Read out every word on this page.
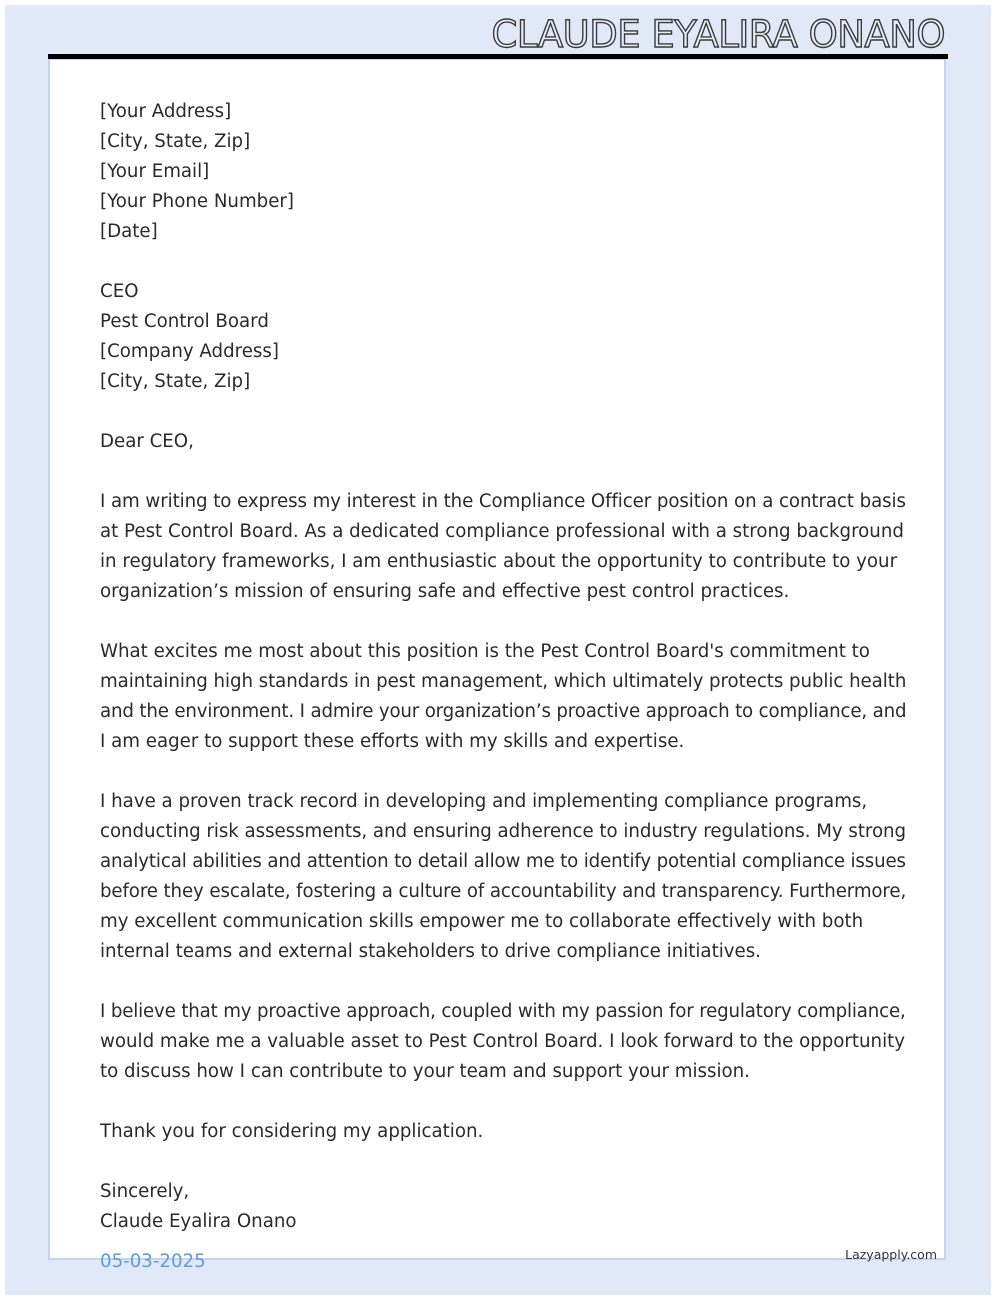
CLAUDE EYALIRA ONANO
[Your Address]
[City, State, Zip]
[Your Email]
[Your Phone Number]
[Date]
CEO
Pest Control Board
[Company Address]
[City, State, Zip]
Dear CEO,
I am writing to express my interest in the Compliance Officer position on a contract basis
at Pest Control Board. As a dedicated compliance professional with a strong background
in regulatory frameworks, I am enthusiastic about the opportunity to contribute to your
organization’s mission of ensuring safe and effective pest control practices.
What excites me most about this position is the Pest Control Board's commitment to
maintaining high standards in pest management, which ultimately protects public health
and the environment. I admire your organization’s proactive approach to compliance, and
I am eager to support these efforts with my skills and expertise.
I have a proven track record in developing and implementing compliance programs,
conducting risk assessments, and ensuring adherence to industry regulations. My strong
analytical abilities and attention to detail allow me to identify potential compliance issues
before they escalate, fostering a culture of accountability and transparency. Furthermore,
my excellent communication skills empower me to collaborate effectively with both
internal teams and external stakeholders to drive compliance initiatives.
I believe that my proactive approach, coupled with my passion for regulatory compliance,
would make me a valuable asset to Pest Control Board. I look forward to the opportunity
to discuss how I can contribute to your team and support your mission.
Thank you for considering my application.
Sincerely,
Claude Eyalira Onano
05-03-2025	Lazyapply.com
